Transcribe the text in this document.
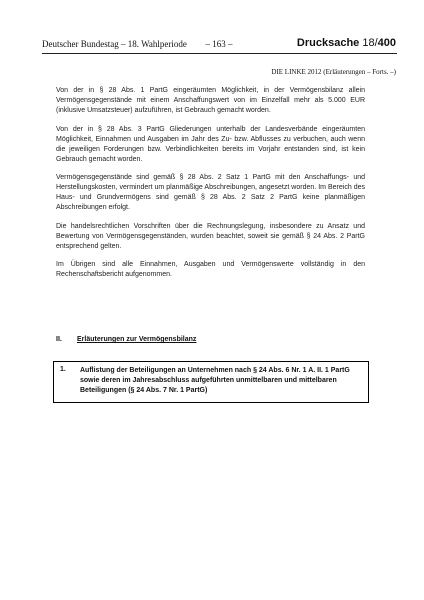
Deutscher Bundestag – 18. Wahlperiode	– 163 –	Drucksache 18/400
DIE LINKE 2012 (Erläuterungen – Forts. –)

Von der in § 28 Abs. 1 PartG eingeräumten Möglichkeit, in der Vermögensbilanz allein Vermögensgegenstände mit einem Anschaffungswert von im Einzelfall mehr als 5.000 EUR (inklusive Umsatzsteuer) aufzuführen, ist Gebrauch gemacht worden.

Von der in § 28 Abs. 3 PartG Gliederungen unterhalb der Landesverbände eingeräumten Möglichkeit, Einnahmen und Ausgaben im Jahr des Zu- bzw. Abflusses zu verbuchen, auch wenn die jeweiligen Forderungen bzw. Verbindlichkeiten bereits im Vorjahr entstanden sind, ist kein Gebrauch gemacht worden.

Vermögensgegenstände sind gemäß § 28 Abs. 2 Satz 1 PartG mit den Anschaffungs- und Herstellungskosten, vermindert um planmäßige Abschreibungen, angesetzt worden. Im Bereich des Haus- und Grundvermögens sind gemäß § 28 Abs. 2 Satz 2 PartG keine planmäßigen Abschreibungen erfolgt.

Die handelsrechtlichen Vorschriften über die Rechnungslegung, insbesondere zu Ansatz und Bewertung von Vermögensgegenständen, wurden beachtet, soweit sie gemäß § 24 Abs. 2 PartG entsprechend gelten.

Im Übrigen sind alle Einnahmen, Ausgaben und Vermögenswerte vollständig in den Rechenschaftsbericht aufgenommen.

II. Erläuterungen zur Vermögensbilanz
1. Auflistung der Beteiligungen an Unternehmen nach § 24 Abs. 6 Nr. 1 A. II. 1 PartG sowie deren im Jahresabschluss aufgeführten unmittelbaren und mittelbaren Beteiligungen (§ 24 Abs. 7 Nr. 1 PartG)
